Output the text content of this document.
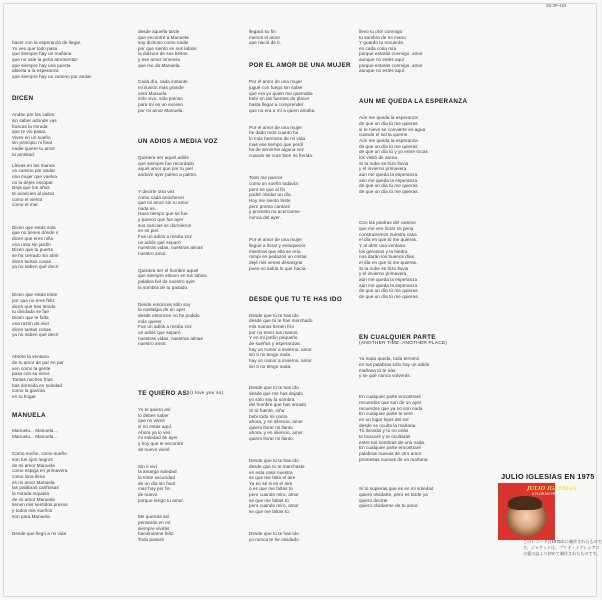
28·3P-424
JULIO IGLESIAS EN 1975
JULIO IGLESIAS
A FLOR DE PIEL
hacer con la esperanza de llegar.
Yo veo que todo pasa
que siempre hay un mañana
que no vale la pena atormentar-
que siempre hay una puerta
abierta a la esperanza
que siempre hay un camino por andar.
DICEN
Andan por las calles
sin saber adonde vas
buscas la mirada
que te vio pasar,
Vives en un sueño
sin principio ni final
nadie quiere tu amor
tu amistad.
Llevas en las manos
un camino por andar
una mujer que vuelva
no la dejes escapar.
Deja que los años
te acaricien al pasar
como el viento
como el mar.
Dicen que estás sola
que no tienes dónde ir
dicen que eres niña
una rosa sin jardín
Dicen que tu puerta
se ha cerrado sin abrir
dicen tantas cosas
ya no saben qué decir
Dicen que estás triste
por que no eres feliz
dicen que has tenido
tu dividada se fue
Dicen que te falta
una razón de vivir
dicen tantas cosas
ya no saben qué decir
Abrete la ventana
de tu amor de par en par
ven como la gente
pasa con su mirar.
Tantas noches frías
has dormido en soledad
como la gaviota
en tu hogar.
MANUELA
Manuela... Manuela...
Manuela... Manuela...
Como noche, como sueño
son tus ojos negros
de mi amor Manuela
como espiga en primavera
como luna llena
es mi amor Manuela
las palabras cariñosas
la mirada inquieta
de mi amor Manuela
tienen mis sentidos presos
y todos mis sueños
son para Manuela.
Desde que llegó a mi vida
desde aquella tarde
que encontré a Manuela
soy dichoso como nadie
por que siento en sus labios
la dulzura de sus besos
y ese amor inmenso
que me da Manuela.
Cada día, cada instante
mi ilusión más grande
verá Manuela
sólo vivo, sólo pienso
para mí es un exceso
por mi amor Manuela.
UN ADIOS A MEDIA VOZ
Quisiera ser aquel adiós
que siempre fue recordado
aquel amor que por tu piel
anduve ayer palmo a palmo.
Y decirte otra vez
como cada anochecer
que mi amor sin tu amor
nada es.
Hace tiempo que se fue
y parece que fue ayer
sus caricias se durmieron
en mi piel.
Fue un adiós a media voz
un adiós que separó
nuestras vidas, nuestras almas
nuestro amor.
Quisiera ser el hombre aquel
que siempre estuvo en tus labios
palabra fiel de nuestro ayer
la sombra de tu pasado.
Desde entonces sólo soy
la nostalgia de un ayer
desde entonces no he podido
más querer.
Fue un adiós a media voz
un adiós que separó
nuestras vidas, nuestras almas
nuestro amor.
TE QUIERO ASI (I love you so)
Yo te quiero así
lo debes saber
que no viviré
si no estás aquí.
Ahora ya lo ves
mi soledad de ayer
y hoy que te encontré
de nuevo viviré
Sin ti viví
la amarga soledad
la triste oscuridad
de un día sin final
mas hoy por fin
de nuevo
porque tengo tu amor.
Me querrás así
pensarás en mí
siempre vivirás
haciéndome feliz.
Todo pasará
llegará su fin
menos el amor
que nació de ti.
POR EL AMOR DE UNA MUJER
Por el amor de una mujer
jugué con fuego sin saber
que era yo quien me quemaba
bebí en las fuentes de placer
hasta llegar a comprender
que no era a mí a quien amaba.
Por el amor de una mujer
he dado todo cuanto fui
lo más hermoso de mi vida
mas ese tiempo que perdí
ha de servirme alguna vez
cuando se cure bien mi herida.
Todo me parece
como un sueño todavía
pero se que al fin
podré olvidar un día.
Hoy me siento triste
pero pronto cantaré
y prometo no acercarme
nunca del ayer.
Por el amor de una mujer
llegue a llorar y enloquecer
mientras que ella se reía
rompi en pedazos un cristal
dejé mis venas desangrar
pues no sabía lo que hacía.
DESDE QUE TU TE HAS IDO
Desde que tú te has ido
desde que tú te has marchado
mis manos tienen frío
por no tener tus manos.
Y en mi jardín pequeño
de sueños y esperanzas
hay un rumor a invierno, amor
sin ti no tengo nada
hay un rumor a invierno, amor
sin ti no tengo nada.
Desde que tú te has ido
desde que me has dejado
yo sólo soy la sombra
del hombre que has amado
Si tú fuente, niña
bebi todo mi canto
ahora, y en silencio, amor
quiero llorar mi llanto
ahora, y en silencio, amor
quiero llorar mi llanto.
Desde que tú te has ido
desde que tú te marchaste
en esta casa nuestra
se que me falta el aire
Ya no sé si es el aire
o es que me faltas tú
pero cuando miro, amor
se que me faltas tú
pero cuando miro, amor
se que me faltas tú.
Desde que tú te has ido
yo nunca te he olvidado
llevo tu olor conmigo
tu sombra de mi mano.
Y guardo tu recuerdo
en cada cosa mía
porque estarás conmigo, amor
aunque no estés aquí
porque estarás conmigo, amor
aunque no estés aquí.
AUN ME QUEDA LA ESPERANZA
Aún me queda la esperanza
de que un día tú me quieras
si te nieve se convierte en agua
cuando el sol la queme.
Aún me queda la esperanza
de que un día tú me quieras
de que un día tú y yo entre rocas
los vistió de arena.
Si la nube se hizo lluvia
y el invierno primavera
aún me queda la esperanza
aún me queda la esperanza
de que un día tú me quieras
de que un día tú me quieras.
Con las piedras del camino
que me ven llorar mi pena
construiremos nuestra casa
el día en que tú me quieras.
Y al abrir una ventana
los geranios y la hiedra
nos darán los buenos días
el día en que tú me quieras.
Si la nube se hizo lluvia
y el invierno primavera
aún me queda la esperanza
aún me queda la esperanza
de que un día tú me quieras
de que un día tú me quieras.
EN CUALQUIER PARTE
(ANOTHER TIME, ANOTHER PLACE)
Ya nada queda, toda terminó
en tus palabras sólo hay un adiós
mañana tú te irás
y se qué nunca volverás.
En cualquier parte encontraré
recuerdos que son de un ayer
recuerdos que ya no son nada
En cualquier parte te veré
en un lugar lejos del sol
desde se oculta la mañana
Tú llorarás y tú no oirás
te buscaré y te ocultarás
entre tus sombras de una nada.
En cualquier parte encontraré
palabras nuevas de otro amor
promesas nuevas de un mañana.
Si tú supieras que es en mi soledad
quiero olvidarte, pero es tarde ya
quiero decirte
quiero olvidarme de tu amor.
このレコードは1975年に制作されたもので
す。ジャケットは、プリオ・イグレシアス
の愛の誌より初めて制作されたものです。
